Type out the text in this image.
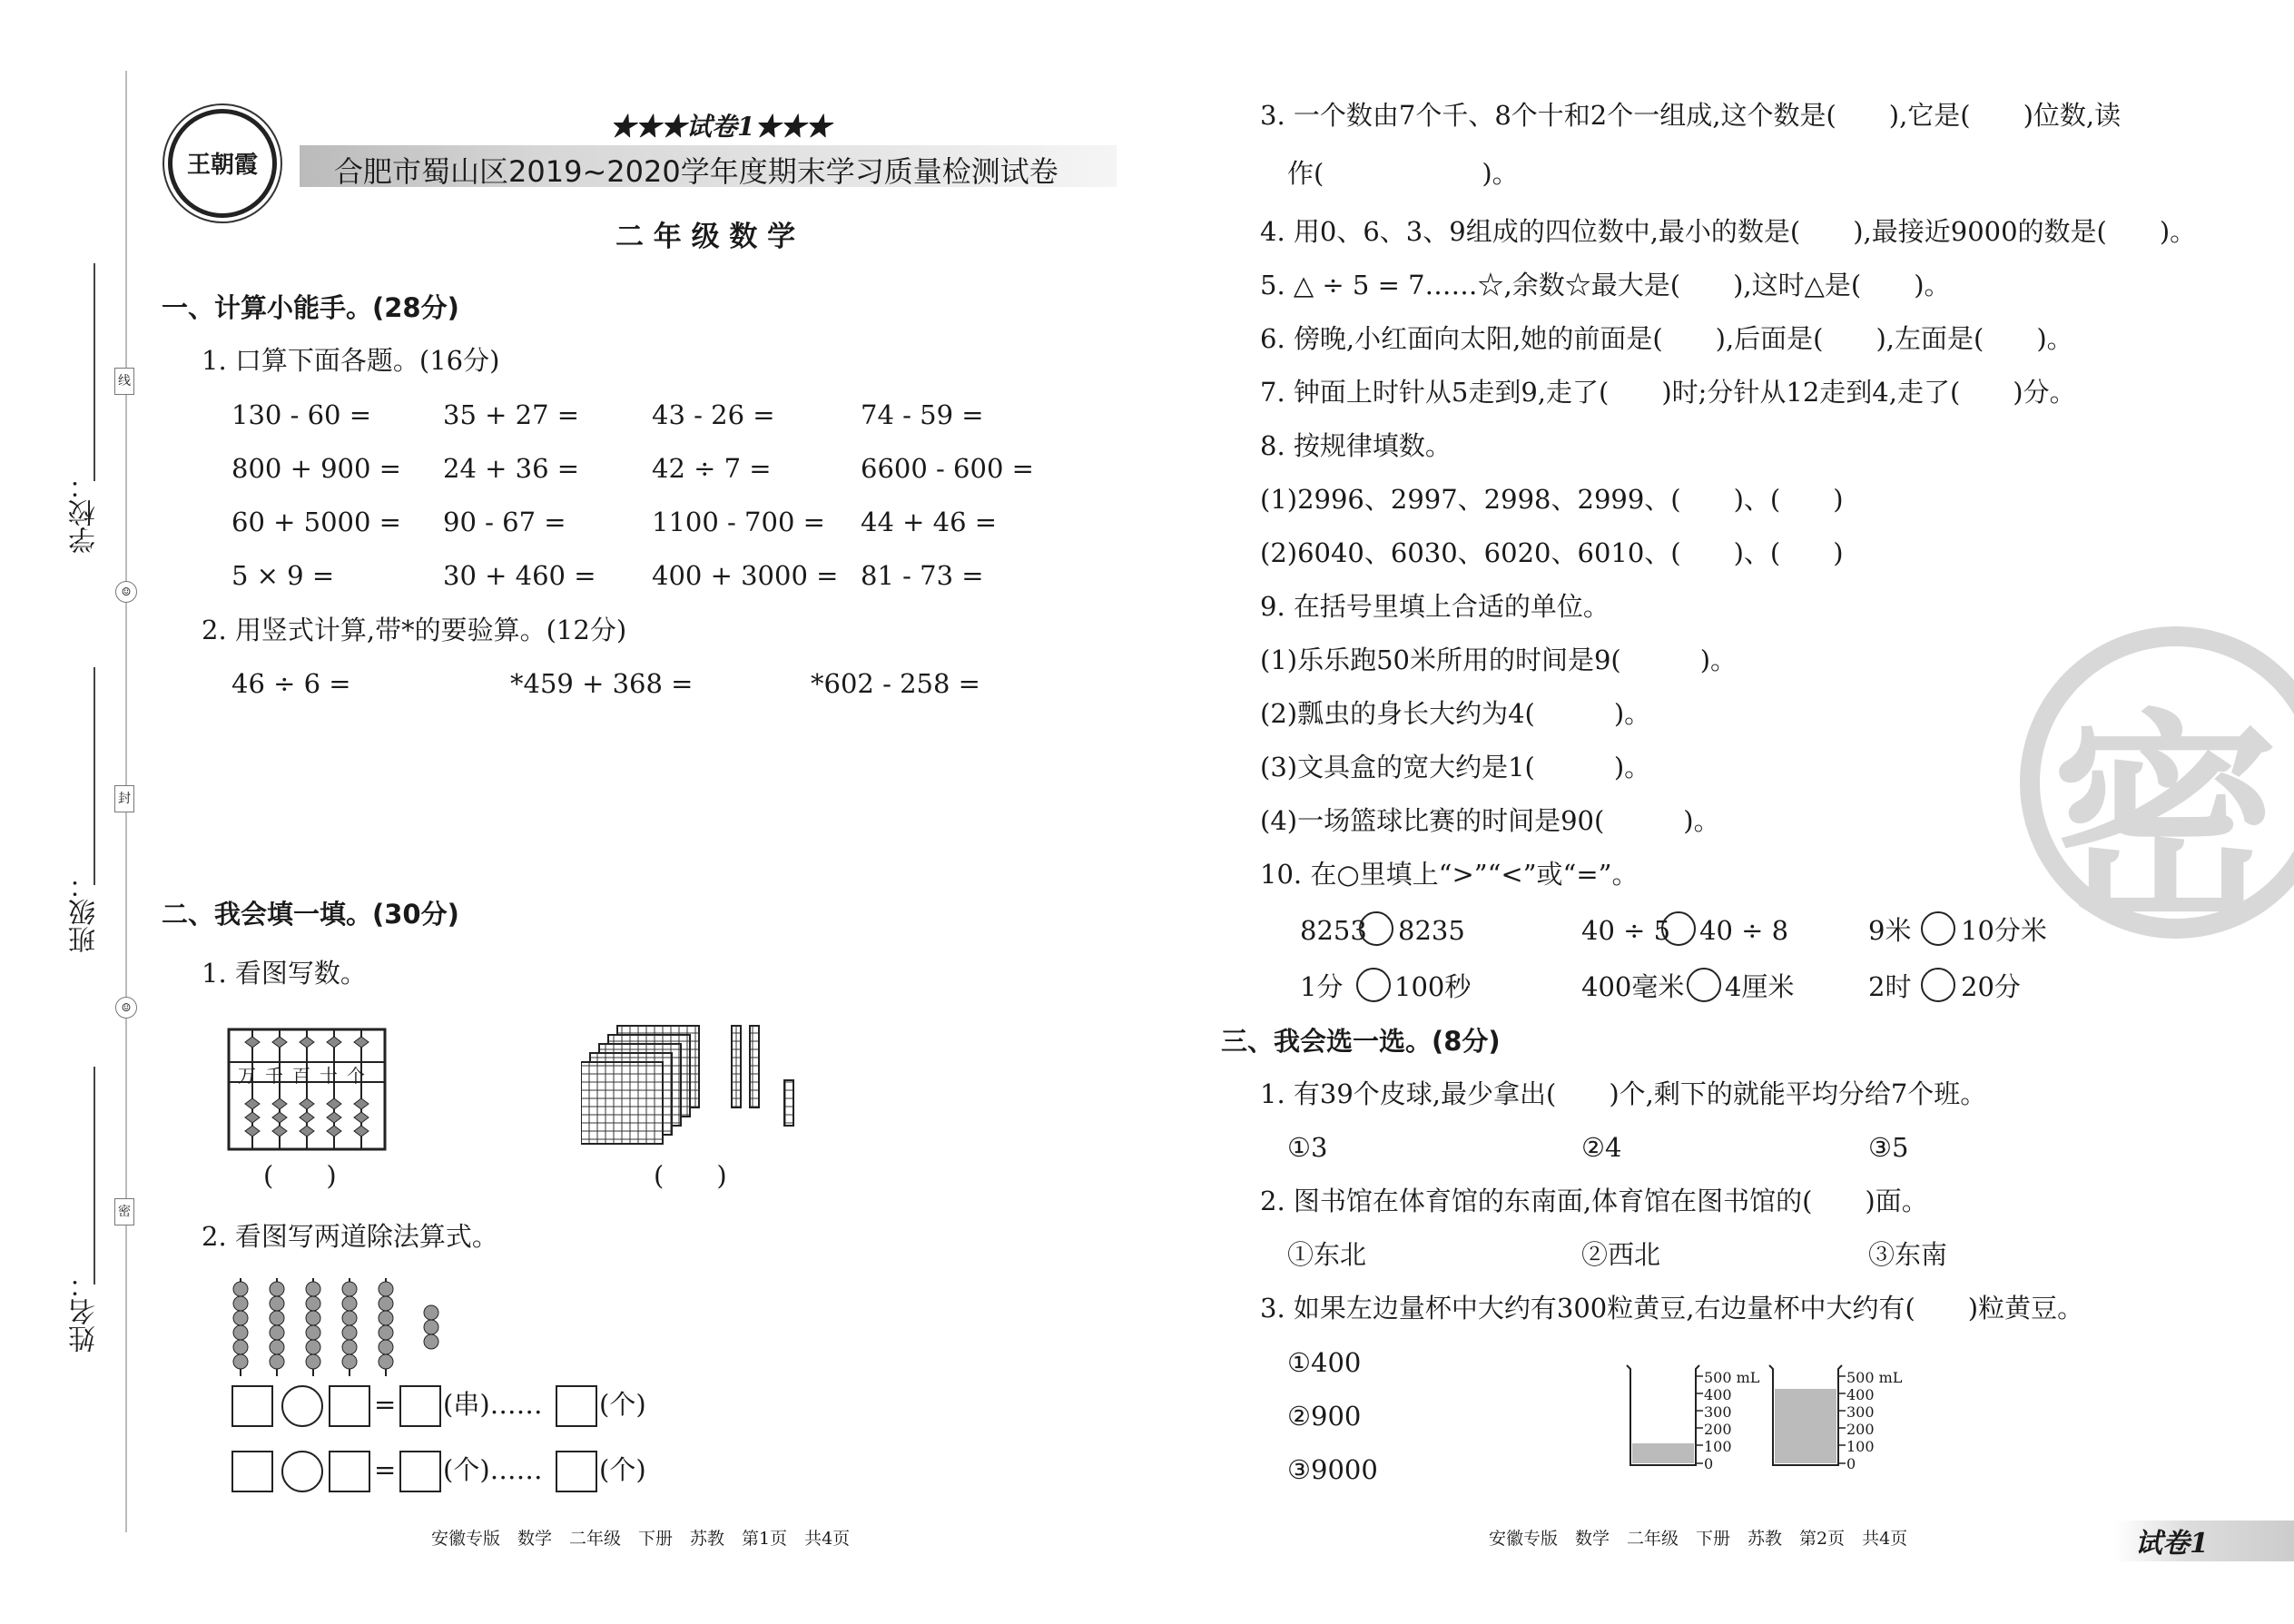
学校：
班级：
姓名：
线
封
密
☺
☺
王朝霞
★★★试卷1★★★
合肥市蜀山区2019~2020学年度期末学习质量检测试卷
二 年 级 数 学
一、计算小能手。(28分)
1. 口算下面各题。(16分)
130 - 60 =	35 + 27 =	43 - 26 =	74 - 59 =
800 + 900 = 24 + 36 =	42 ÷ 7 =	6600 - 600 =
60 + 5000 = 90 - 67 =	1100 - 700 = 44 + 46 =
5 × 9 =	30 + 460 = 400 + 3000 = 81 - 73 =
2. 用竖式计算,带*的要验算。(12分)
46 ÷ 6 =	*459 + 368 =	*602 - 258 =
二、我会填一填。(30分)
1. 看图写数。
万 千 百 十 个
(　　)	(　　)
2. 看图写两道除法算式。
= (串)…… (个)
= (个)…… (个)
安徽专版　数学　二年级　下册　苏教　第1页　共4页
密
3. 一个数由7个千、8个十和2个一组成,这个数是(　　),它是(　　)位数,读
作(　　　　　　)。
4. 用0、6、3、9组成的四位数中,最小的数是(　　),最接近9000的数是(　　)。
5. △ ÷ 5 = 7……☆,余数☆最大是(　　),这时△是(　　)。
6. 傍晚,小红面向太阳,她的前面是(　　),后面是(　　),左面是(　　)。
7. 钟面上时针从5走到9,走了(　　)时;分针从12走到4,走了(　　)分。
8. 按规律填数。
(1)2996、2997、2998、2999、(　　)、(　　)
(2)6040、6030、6020、6010、(　　)、(　　)
9. 在括号里填上合适的单位。
(1)乐乐跑50米所用的时间是9(　　　)。
(2)瓢虫的身长大约为4(　　　)。
(3)文具盒的宽大约是1(　　　)。
(4)一场篮球比赛的时间是90(　　　)。
10. 在○里填上“>”“<”或“=”。
8253 8235	40 ÷ 5 40 ÷ 8	9米 10分米
1分 100秒	400毫米 4厘米	2时 20分
三、我会选一选。(8分)
1. 有39个皮球,最少拿出(　　)个,剩下的就能平均分给7个班。
①3	②4	③5
2. 图书馆在体育馆的东南面,体育馆在图书馆的(　　)面。
①东北	②西北	③东南
3. 如果左边量杯中大约有300粒黄豆,右边量杯中大约有(　　)粒黄豆。
①400
②900
③9000
500 mL
400
300
200
100
0
500 mL
400
300
200
100
0
安徽专版　数学　二年级　下册　苏教　第2页　共4页	试卷1
